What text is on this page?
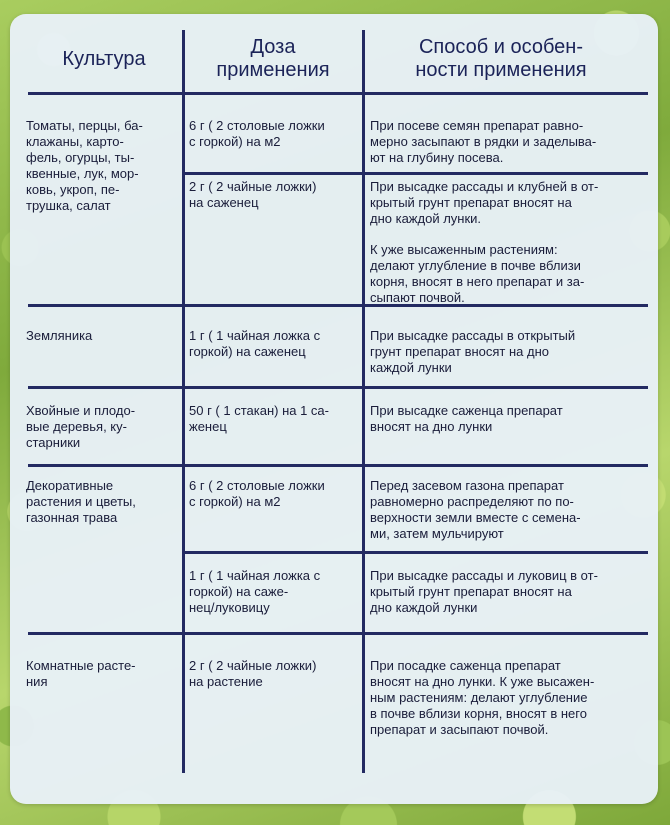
Культура
Доза
применения
Способ и особен-
ности применения
Томаты, перцы, ба-
клажаны, карто-
фель, огурцы, ты-
квенные, лук, мор-
ковь, укроп, пе-
трушка, салат
6 г ( 2 столовые ложки
с горкой) на м2
При посеве семян препарат равно-
мерно засыпают в рядки и заделыва-
ют на глубину посева.
2 г ( 2 чайные ложки)
на саженец

При высадке рассады и клубней в от-
крытый грунт препарат вносят на
дно каждой лунки.

К уже высаженным растениям:
делают углубление в почве вблизи
корня, вносят в него препарат и за-
сыпают почвой.

Земляника	1 г ( 1 чайная ложка с
горкой) на саженец
При высадке рассады в открытый
грунт препарат вносят на дно
каждой лунки
Хвойные и плодо-
вые деревья, ку-
старники
50 г ( 1 стакан) на 1 са-
женец
При высадке саженца препарат
вносят на дно лунки
Декоративные
растения и цветы,
газонная трава
6 г ( 2 столовые ложки
с горкой) на м2
Перед засевом газона препарат
равномерно распределяют по по-
верхности земли вместе с семена-
ми, затем мульчируют
1 г ( 1 чайная ложка с
горкой) на саже-
нец/луковицу
При высадке рассады и луковиц в от-
крытый грунт препарат вносят на
дно каждой лунки
Комнатные расте-
ния
2 г ( 2 чайные ложки)
на растение
При посадке саженца препарат
вносят на дно лунки. К уже высажен-
ным растениям: делают углубление
в почве вблизи корня, вносят в него
препарат и засыпают почвой.
